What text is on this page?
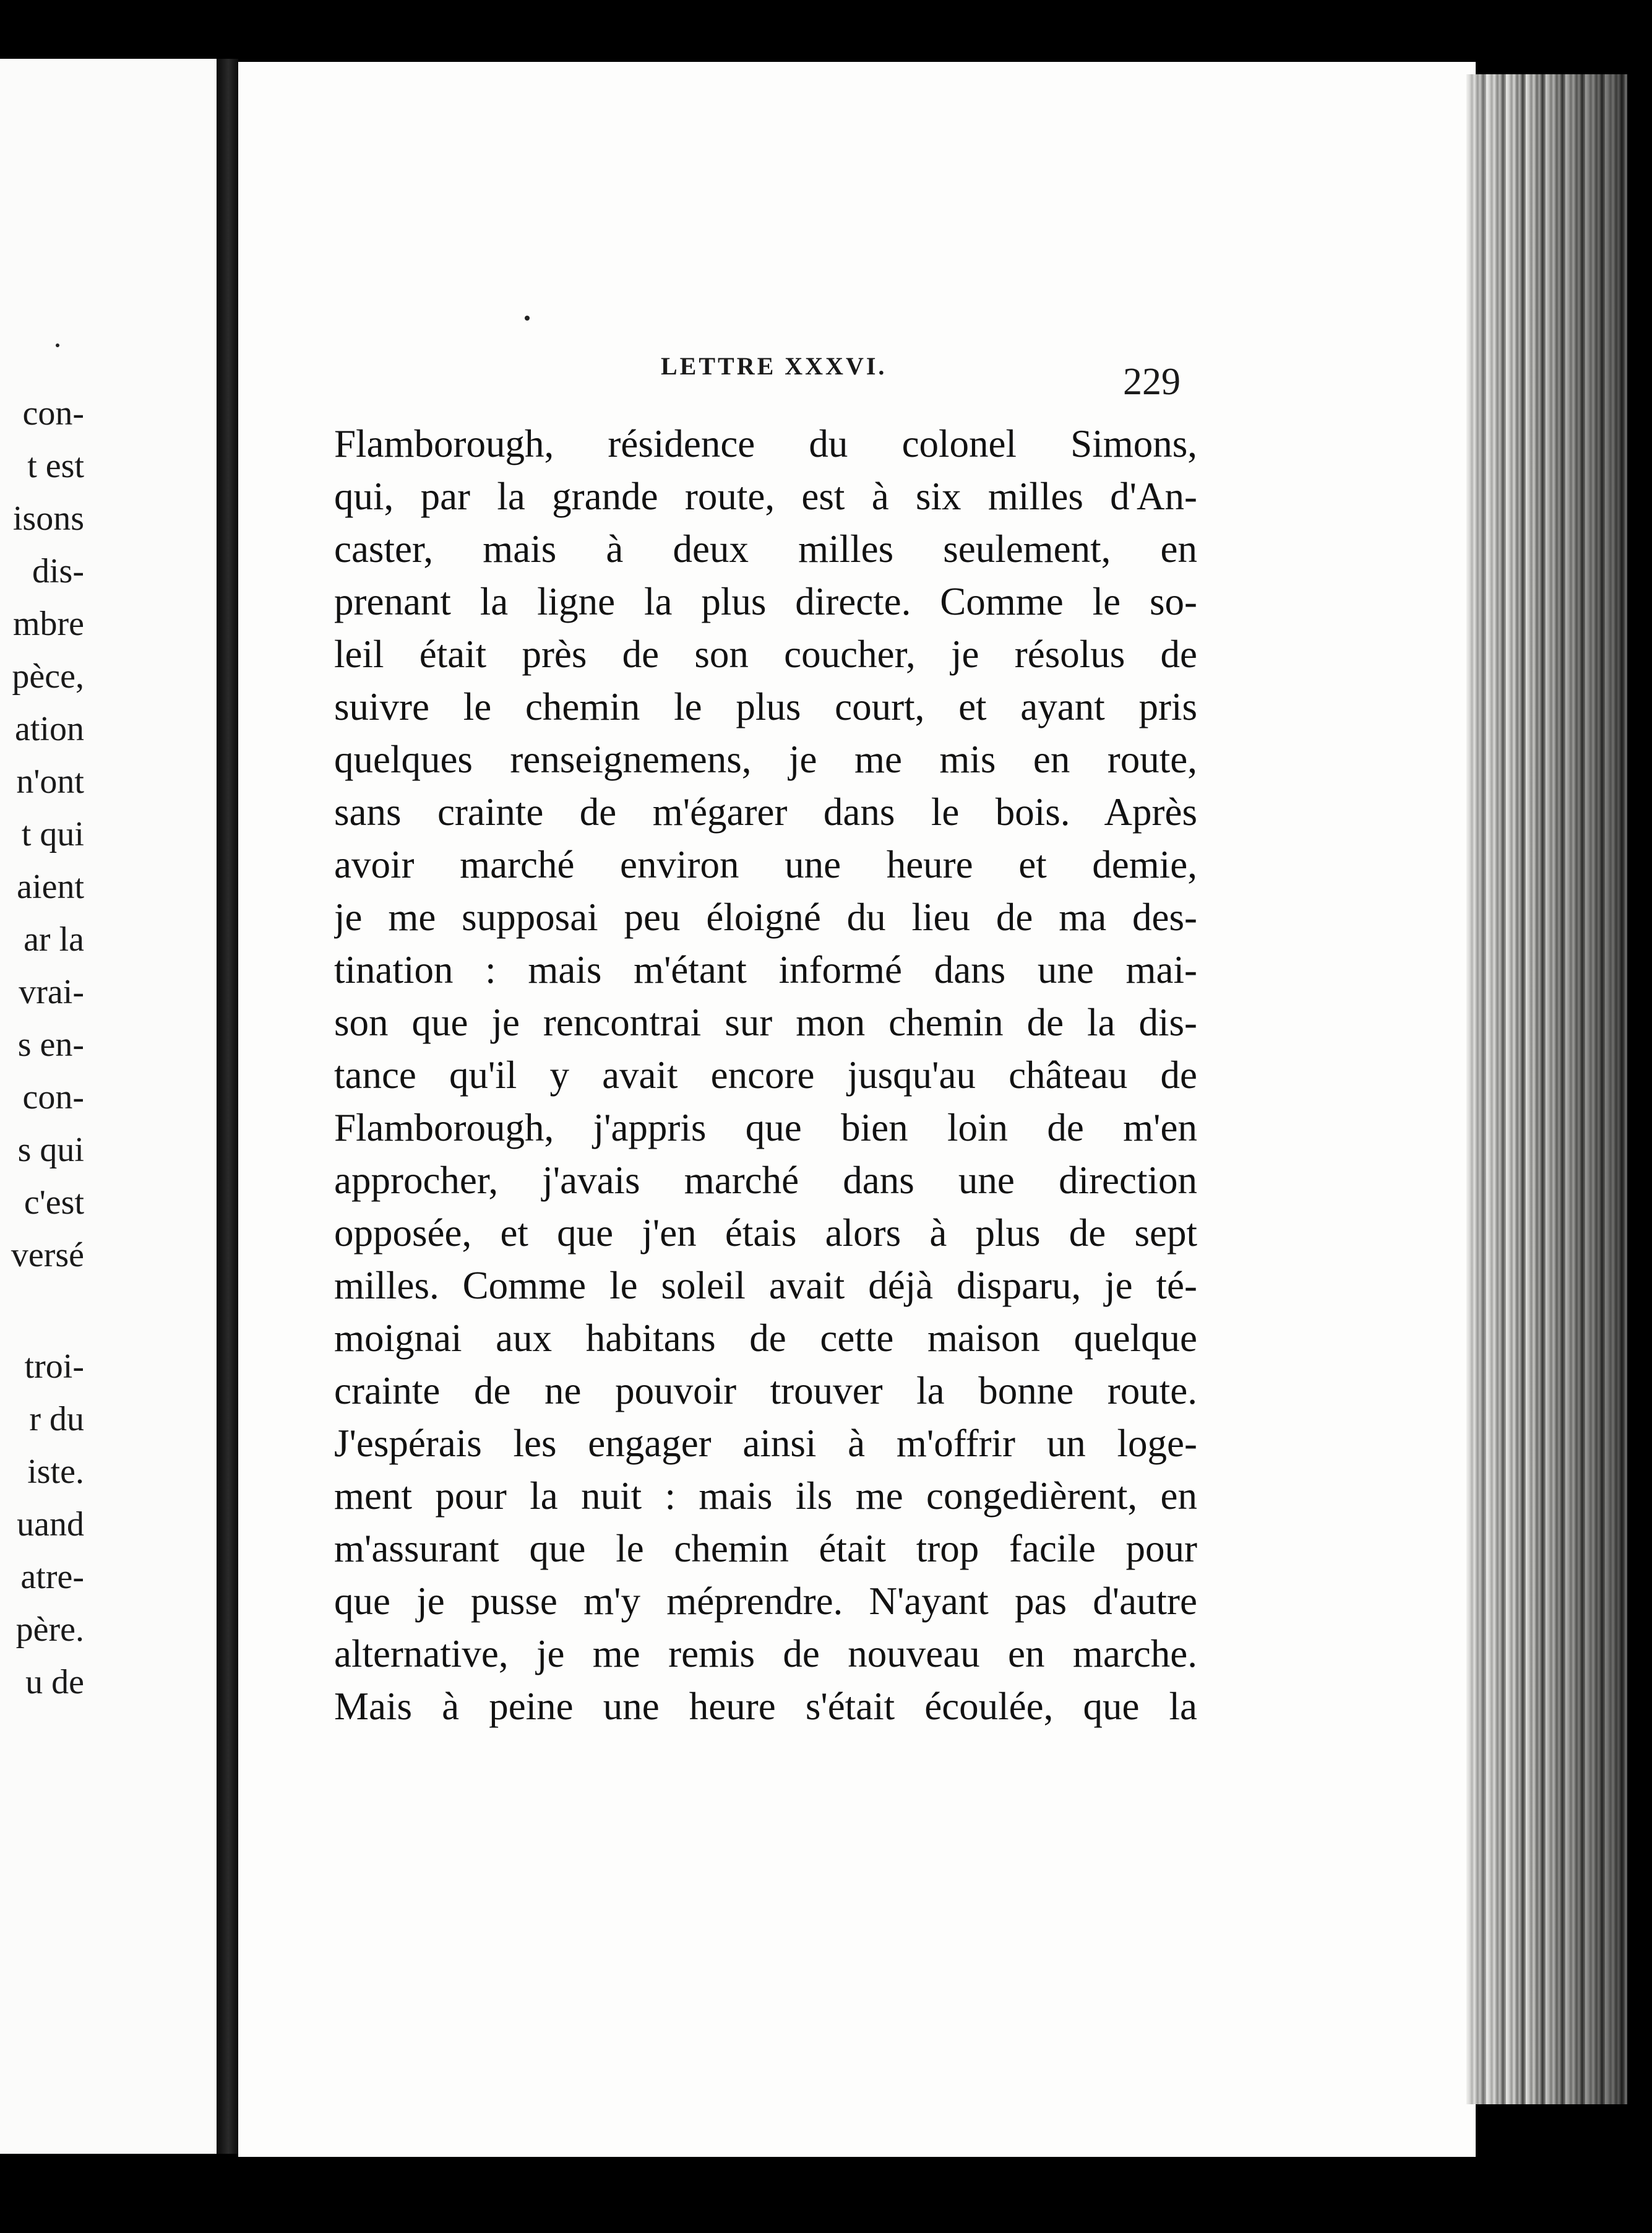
con-
t est
isons
dis-
mbre
pèce,
ation
n'ont
t qui
aient
ar la
vrai-
s en-
con-
s qui
c'est
versé
troi-
r du
iste.
uand
atre-
père.
u de
LETTRE XXXVI.	229
Flamborough, résidence du colonel Simons,
qui, par la grande route, est à six milles d'An-
caster, mais à deux milles seulement, en
prenant la ligne la plus directe. Comme le so-
leil était près de son coucher, je résolus de
suivre le chemin le plus court, et ayant pris
quelques renseignemens, je me mis en route,
sans crainte de m'égarer dans le bois. Après
avoir marché environ une heure et demie,
je me supposai peu éloigné du lieu de ma des-
tination : mais m'étant informé dans une mai-
son que je rencontrai sur mon chemin de la dis-
tance qu'il y avait encore jusqu'au château de
Flamborough, j'appris que bien loin de m'en
approcher, j'avais marché dans une direction
opposée, et que j'en étais alors à plus de sept
milles. Comme le soleil avait déjà disparu, je té-
moignai aux habitans de cette maison quelque
crainte de ne pouvoir trouver la bonne route.
J'espérais les engager ainsi à m'offrir un loge-
ment pour la nuit : mais ils me congedièrent, en
m'assurant que le chemin était trop facile pour
que je pusse m'y méprendre. N'ayant pas d'autre
alternative, je me remis de nouveau en marche.
Mais à peine une heure s'était écoulée, que la
